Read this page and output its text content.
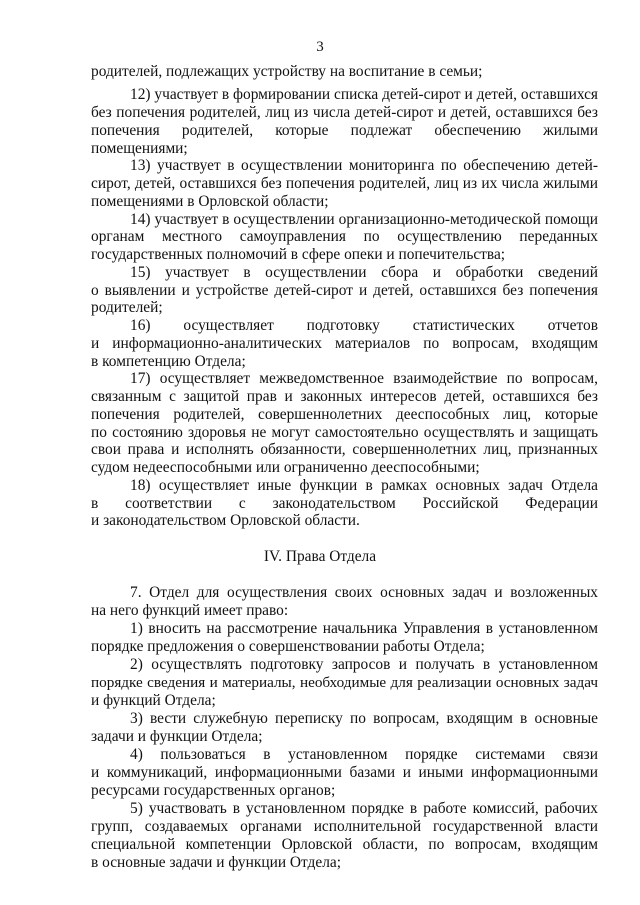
3
родителей, подлежащих устройству на воспитание в семьи;
12) участвует в формировании списка детей-сирот и детей, оставшихся
без попечения родителей, лиц из числа детей-сирот и детей, оставшихся без
попечения родителей, которые подлежат обеспечению жилыми
помещениями;
13) участвует в осуществлении мониторинга по обеспечению детей-
сирот, детей, оставшихся без попечения родителей, лиц из их числа жилыми
помещениями в Орловской области;
14) участвует в осуществлении организационно-методической помощи
органам местного самоуправления по осуществлению переданных
государственных полномочий в сфере опеки и попечительства;
15) участвует в осуществлении сбора и обработки сведений
о выявлении и устройстве детей-сирот и детей, оставшихся без попечения
родителей;
16) осуществляет подготовку статистических отчетов
и информационно-аналитических материалов по вопросам, входящим
в компетенцию Отдела;
17) осуществляет межведомственное взаимодействие по вопросам,
связанным с защитой прав и законных интересов детей, оставшихся без
попечения родителей, совершеннолетних дееспособных лиц, которые
по состоянию здоровья не могут самостоятельно осуществлять и защищать
свои права и исполнять обязанности, совершеннолетних лиц, признанных
судом недееспособными или ограниченно дееспособными;
18) осуществляет иные функции в рамках основных задач Отдела
в соответствии с законодательством Российской Федерации
и законодательством Орловской области.
IV. Права Отдела
7. Отдел для осуществления своих основных задач и возложенных
на него функций имеет право:
1) вносить на рассмотрение начальника Управления в установленном
порядке предложения о совершенствовании работы Отдела;
2) осуществлять подготовку запросов и получать в установленном
порядке сведения и материалы, необходимые для реализации основных задач
и функций Отдела;
3) вести служебную переписку по вопросам, входящим в основные
задачи и функции Отдела;
4) пользоваться в установленном порядке системами связи
и коммуникаций, информационными базами и иными информационными
ресурсами государственных органов;
5) участвовать в установленном порядке в работе комиссий, рабочих
групп, создаваемых органами исполнительной государственной власти
специальной компетенции Орловской области, по вопросам, входящим
в основные задачи и функции Отдела;
